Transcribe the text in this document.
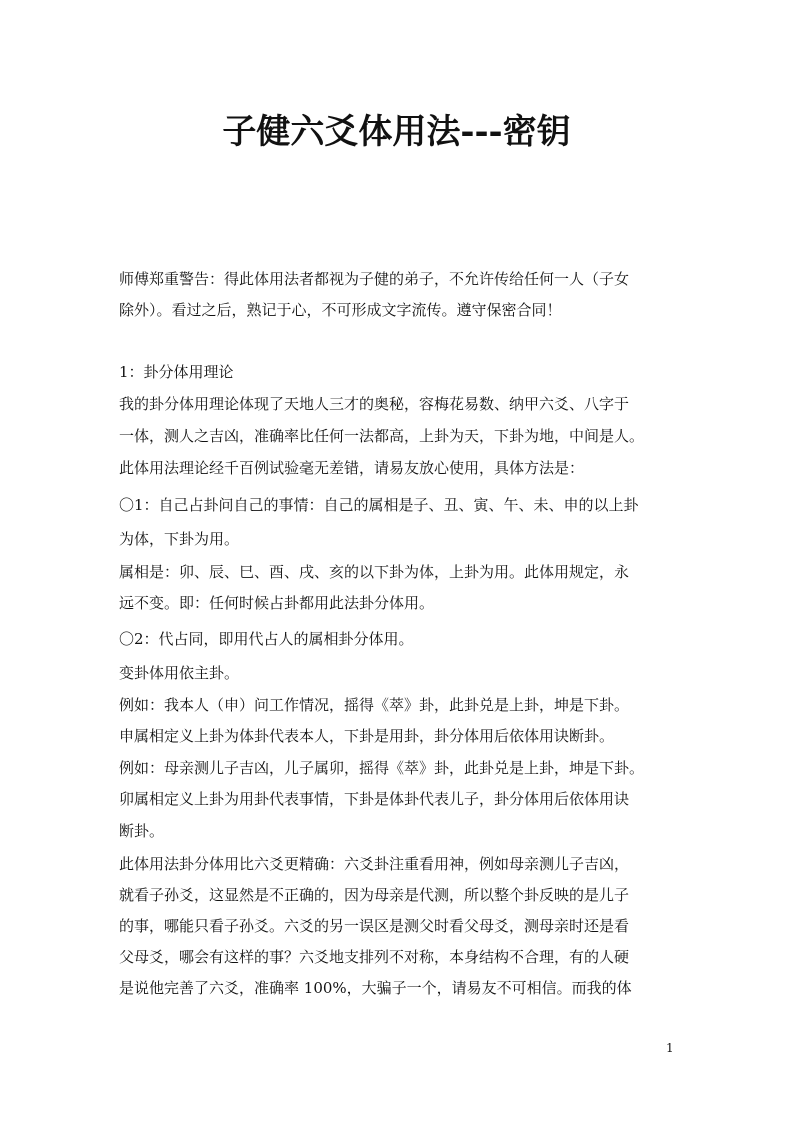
子健六爻体用法---密钥

师傅郑重警告：得此体用法者都视为子健的弟子，不允许传给任何一人（子女

除外）。看过之后，熟记于心，不可形成文字流传。遵守保密合同！

1：卦分体用理论

我的卦分体用理论体现了天地人三才的奥秘，容梅花易数、纳甲六爻、八字于

一体，测人之吉凶，准确率比任何一法都高，上卦为天，下卦为地，中间是人。

此体用法理论经千百例试验毫无差错，请易友放心使用，具体方法是：

〇1：自己占卦问自己的事情：自己的属相是子、丑、寅、午、未、申的以上卦

为体，下卦为用。

属相是：卯、辰、巳、酉、戌、亥的以下卦为体，上卦为用。此体用规定，永

远不变。即：任何时候占卦都用此法卦分体用。

〇2：代占同，即用代占人的属相卦分体用。

变卦体用依主卦。

例如：我本人（申）问工作情况，摇得《萃》卦，此卦兑是上卦，坤是下卦。

申属相定义上卦为体卦代表本人，下卦是用卦，卦分体用后依体用诀断卦。

例如：母亲测儿子吉凶，儿子属卯，摇得《萃》卦，此卦兑是上卦，坤是下卦。

卯属相定义上卦为用卦代表事情，下卦是体卦代表儿子，卦分体用后依体用诀

断卦。

此体用法卦分体用比六爻更精确：六爻卦注重看用神，例如母亲测儿子吉凶，

就看子孙爻，这显然是不正确的，因为母亲是代测，所以整个卦反映的是儿子

的事，哪能只看子孙爻。六爻的另一误区是测父时看父母爻，测母亲时还是看

父母爻，哪会有这样的事？六爻地支排列不对称，本身结构不合理，有的人硬

是说他完善了六爻，准确率 100%，大骗子一个，请易友不可相信。而我的体

1
